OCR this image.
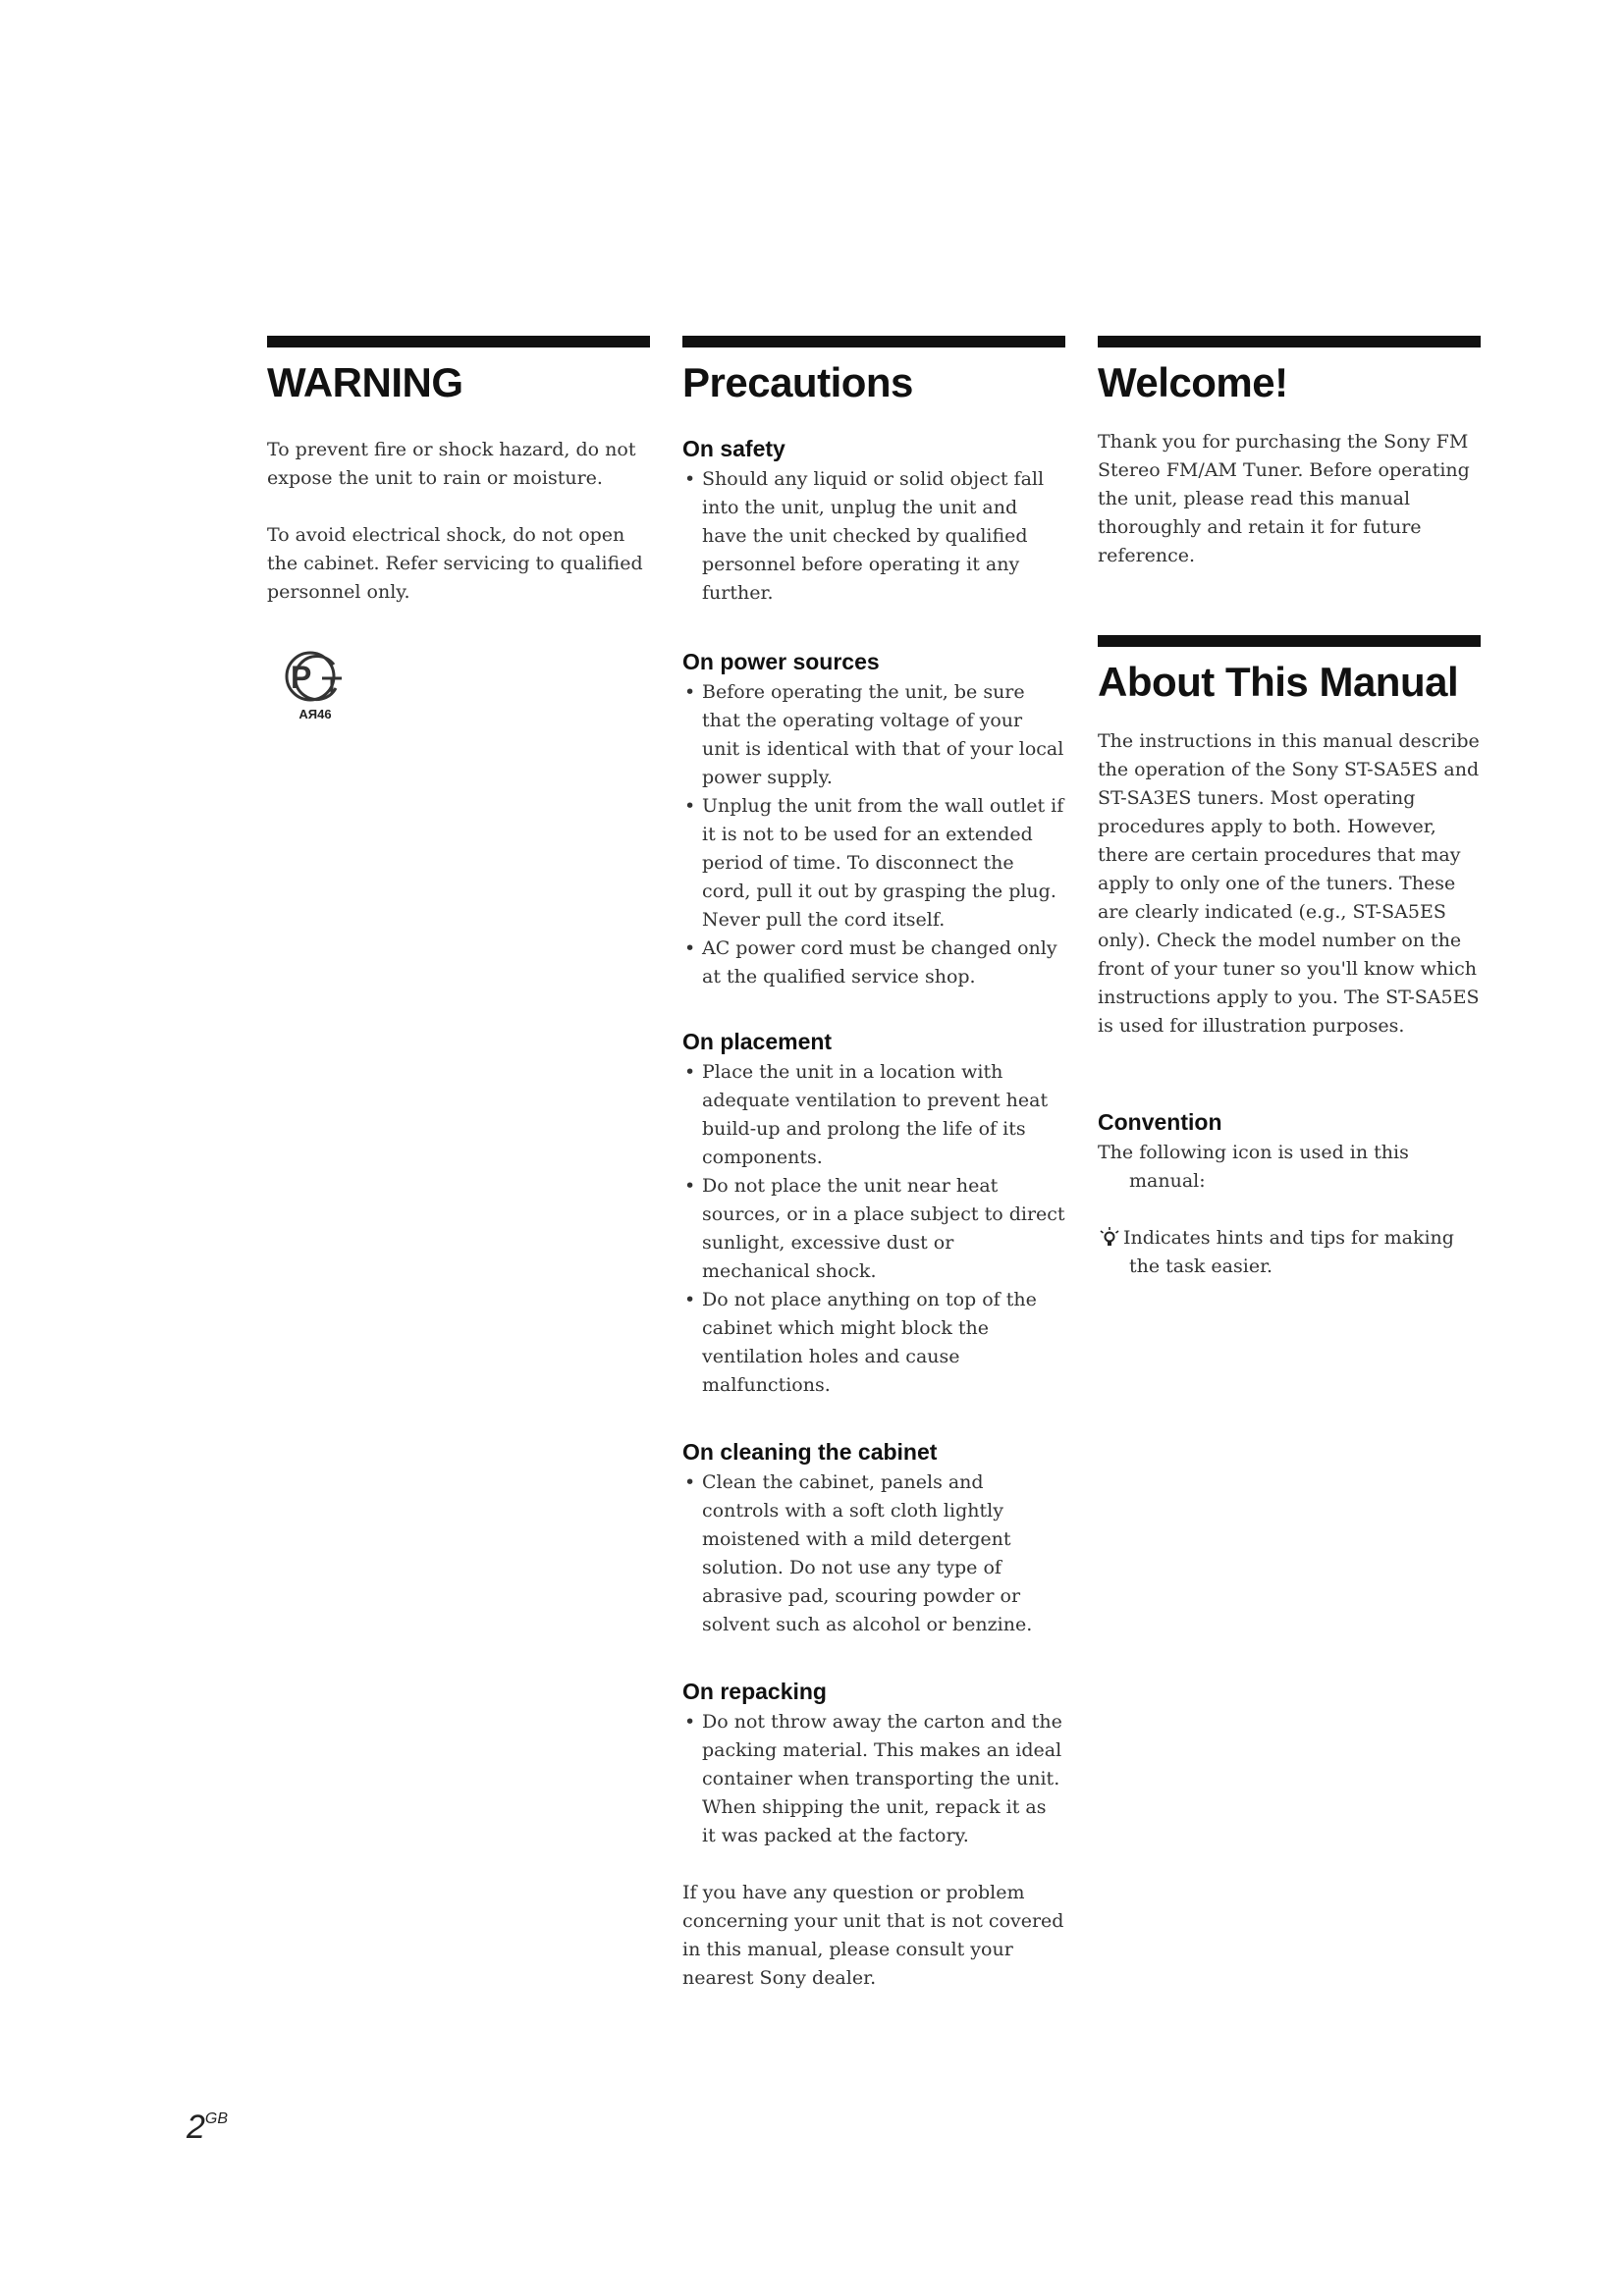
WARNING

To prevent fire or shock hazard, do not expose the unit to rain or moisture.

To avoid electrical shock, do not open the cabinet. Refer servicing to qualified personnel only.

P
АЯ46
Precautions
On safety
• Should any liquid or solid object fall into the unit, unplug the unit and have the unit checked by qualified personnel before operating it any further.
On power sources
• Before operating the unit, be sure that the operating voltage of your unit is identical with that of your local power supply.
• Unplug the unit from the wall outlet if it is not to be used for an extended period of time. To disconnect the cord, pull it out by grasping the plug. Never pull the cord itself.
• AC power cord must be changed only at the qualified service shop.
On placement
• Place the unit in a location with adequate ventilation to prevent heat build-up and prolong the life of its components.
• Do not place the unit near heat sources, or in a place subject to direct sunlight, excessive dust or mechanical shock.
• Do not place anything on top of the cabinet which might block the ventilation holes and cause malfunctions.
On cleaning the cabinet
• Clean the cabinet, panels and controls with a soft cloth lightly moistened with a mild detergent solution. Do not use any type of abrasive pad, scouring powder or solvent such as alcohol or benzine.
On repacking
• Do not throw away the carton and the packing material. This makes an ideal container when transporting the unit. When shipping the unit, repack it as it was packed at the factory.

If you have any question or problem concerning your unit that is not covered in this manual, please consult your nearest Sony dealer.

Welcome!

Thank you for purchasing the Sony FM Stereo FM/AM Tuner. Before operating the unit, please read this manual thoroughly and retain it for future reference.

About This Manual

The instructions in this manual describe the operation of the Sony ST-SA5ES and ST-SA3ES tuners. Most operating procedures apply to both. However, there are certain procedures that may apply to only one of the tuners. These are clearly indicated (e.g., ST-SA5ES only). Check the model number on the front of your tuner so you'll know which instructions apply to you. The ST-SA5ES is used for illustration purposes.

Convention

The following icon is used in this manual:

Indicates hints and tips for making the task easier.
$2^{GB}$
